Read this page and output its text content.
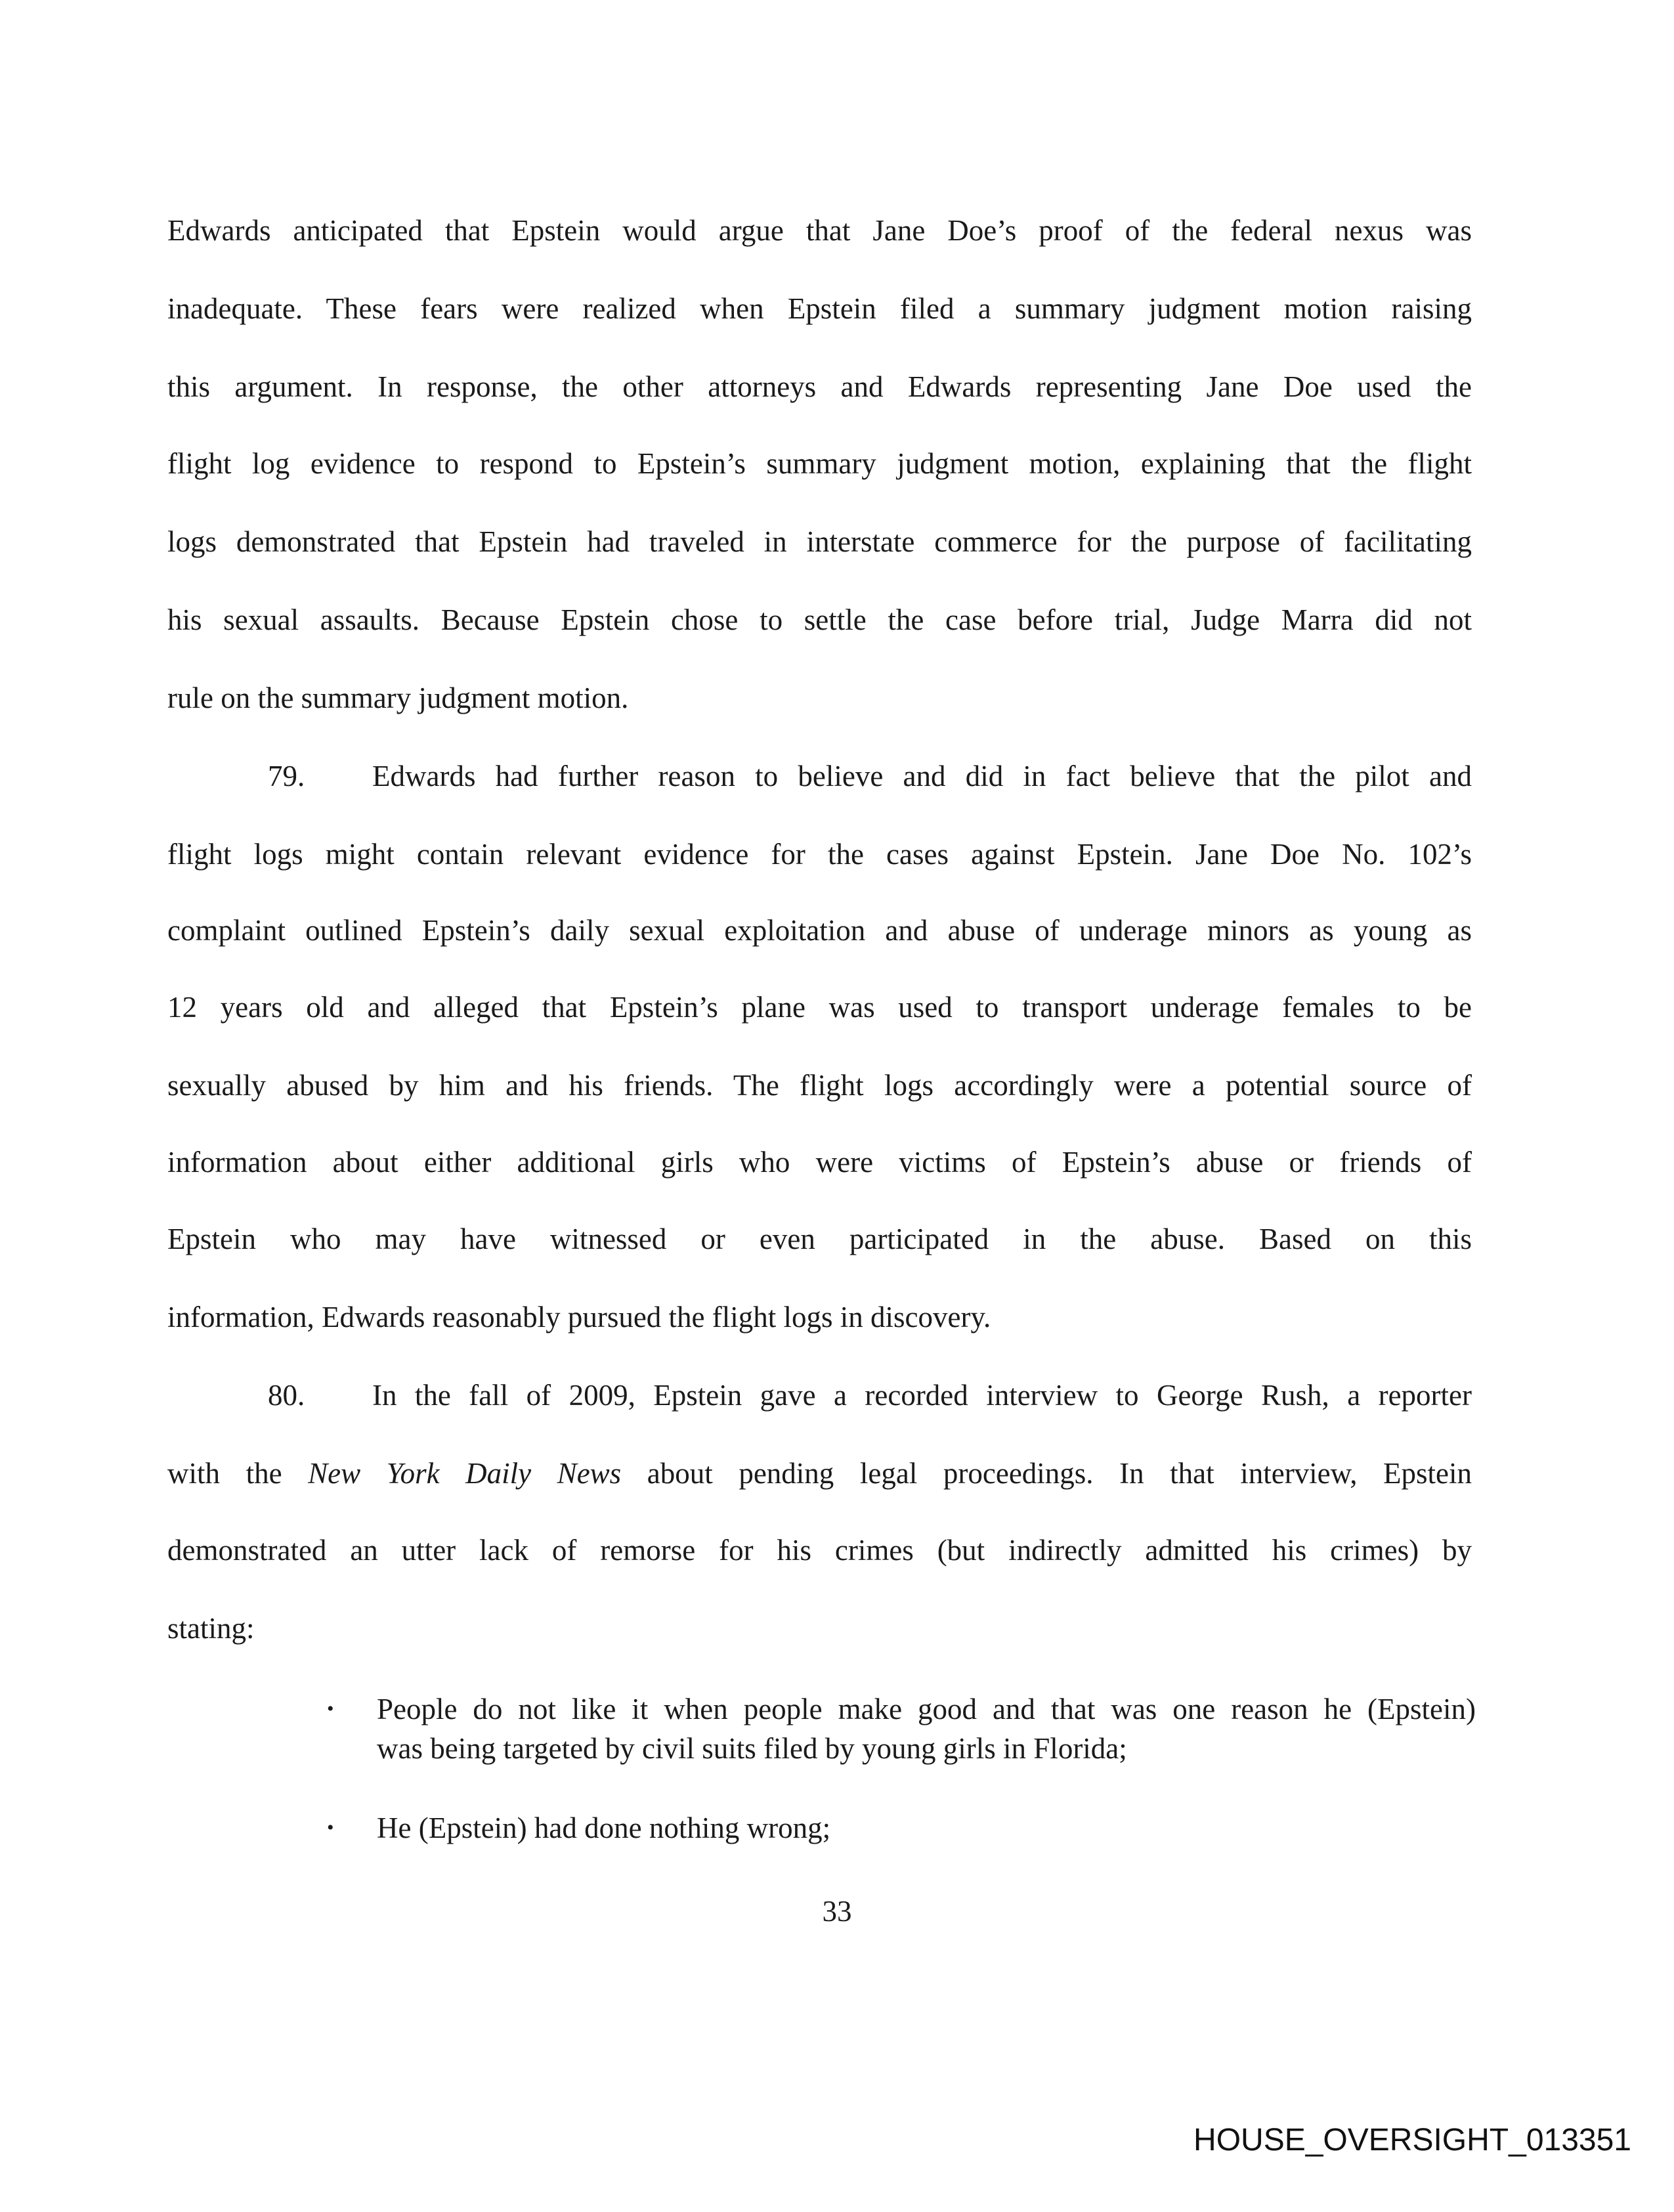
Edwards anticipated that Epstein would argue that Jane Doe’s proof of the federal nexus was
inadequate. These fears were realized when Epstein filed a summary judgment motion raising
this argument. In response, the other attorneys and Edwards representing Jane Doe used the
flight log evidence to respond to Epstein’s summary judgment motion, explaining that the flight
logs demonstrated that Epstein had traveled in interstate commerce for the purpose of facilitating
his sexual assaults. Because Epstein chose to settle the case before trial, Judge Marra did not
rule on the summary judgment motion.
79. Edwards had further reason to believe and did in fact believe that the pilot and
flight logs might contain relevant evidence for the cases against Epstein. Jane Doe No. 102’s
complaint outlined Epstein’s daily sexual exploitation and abuse of underage minors as young as
12 years old and alleged that Epstein’s plane was used to transport underage females to be
sexually abused by him and his friends. The flight logs accordingly were a potential source of
information about either additional girls who were victims of Epstein’s abuse or friends of
Epstein who may have witnessed or even participated in the abuse. Based on this
information, Edwards reasonably pursued the flight logs in discovery.
80. In the fall of 2009, Epstein gave a recorded interview to George Rush, a reporter
with the New York Daily News about pending legal proceedings. In that interview, Epstein
demonstrated an utter lack of remorse for his crimes (but indirectly admitted his crimes) by
stating:
•	People do not like it when people make good and that was one reason he (Epstein)
was being targeted by civil suits filed by young girls in Florida;
•	He (Epstein) had done nothing wrong;
33
HOUSE_OVERSIGHT_013351
